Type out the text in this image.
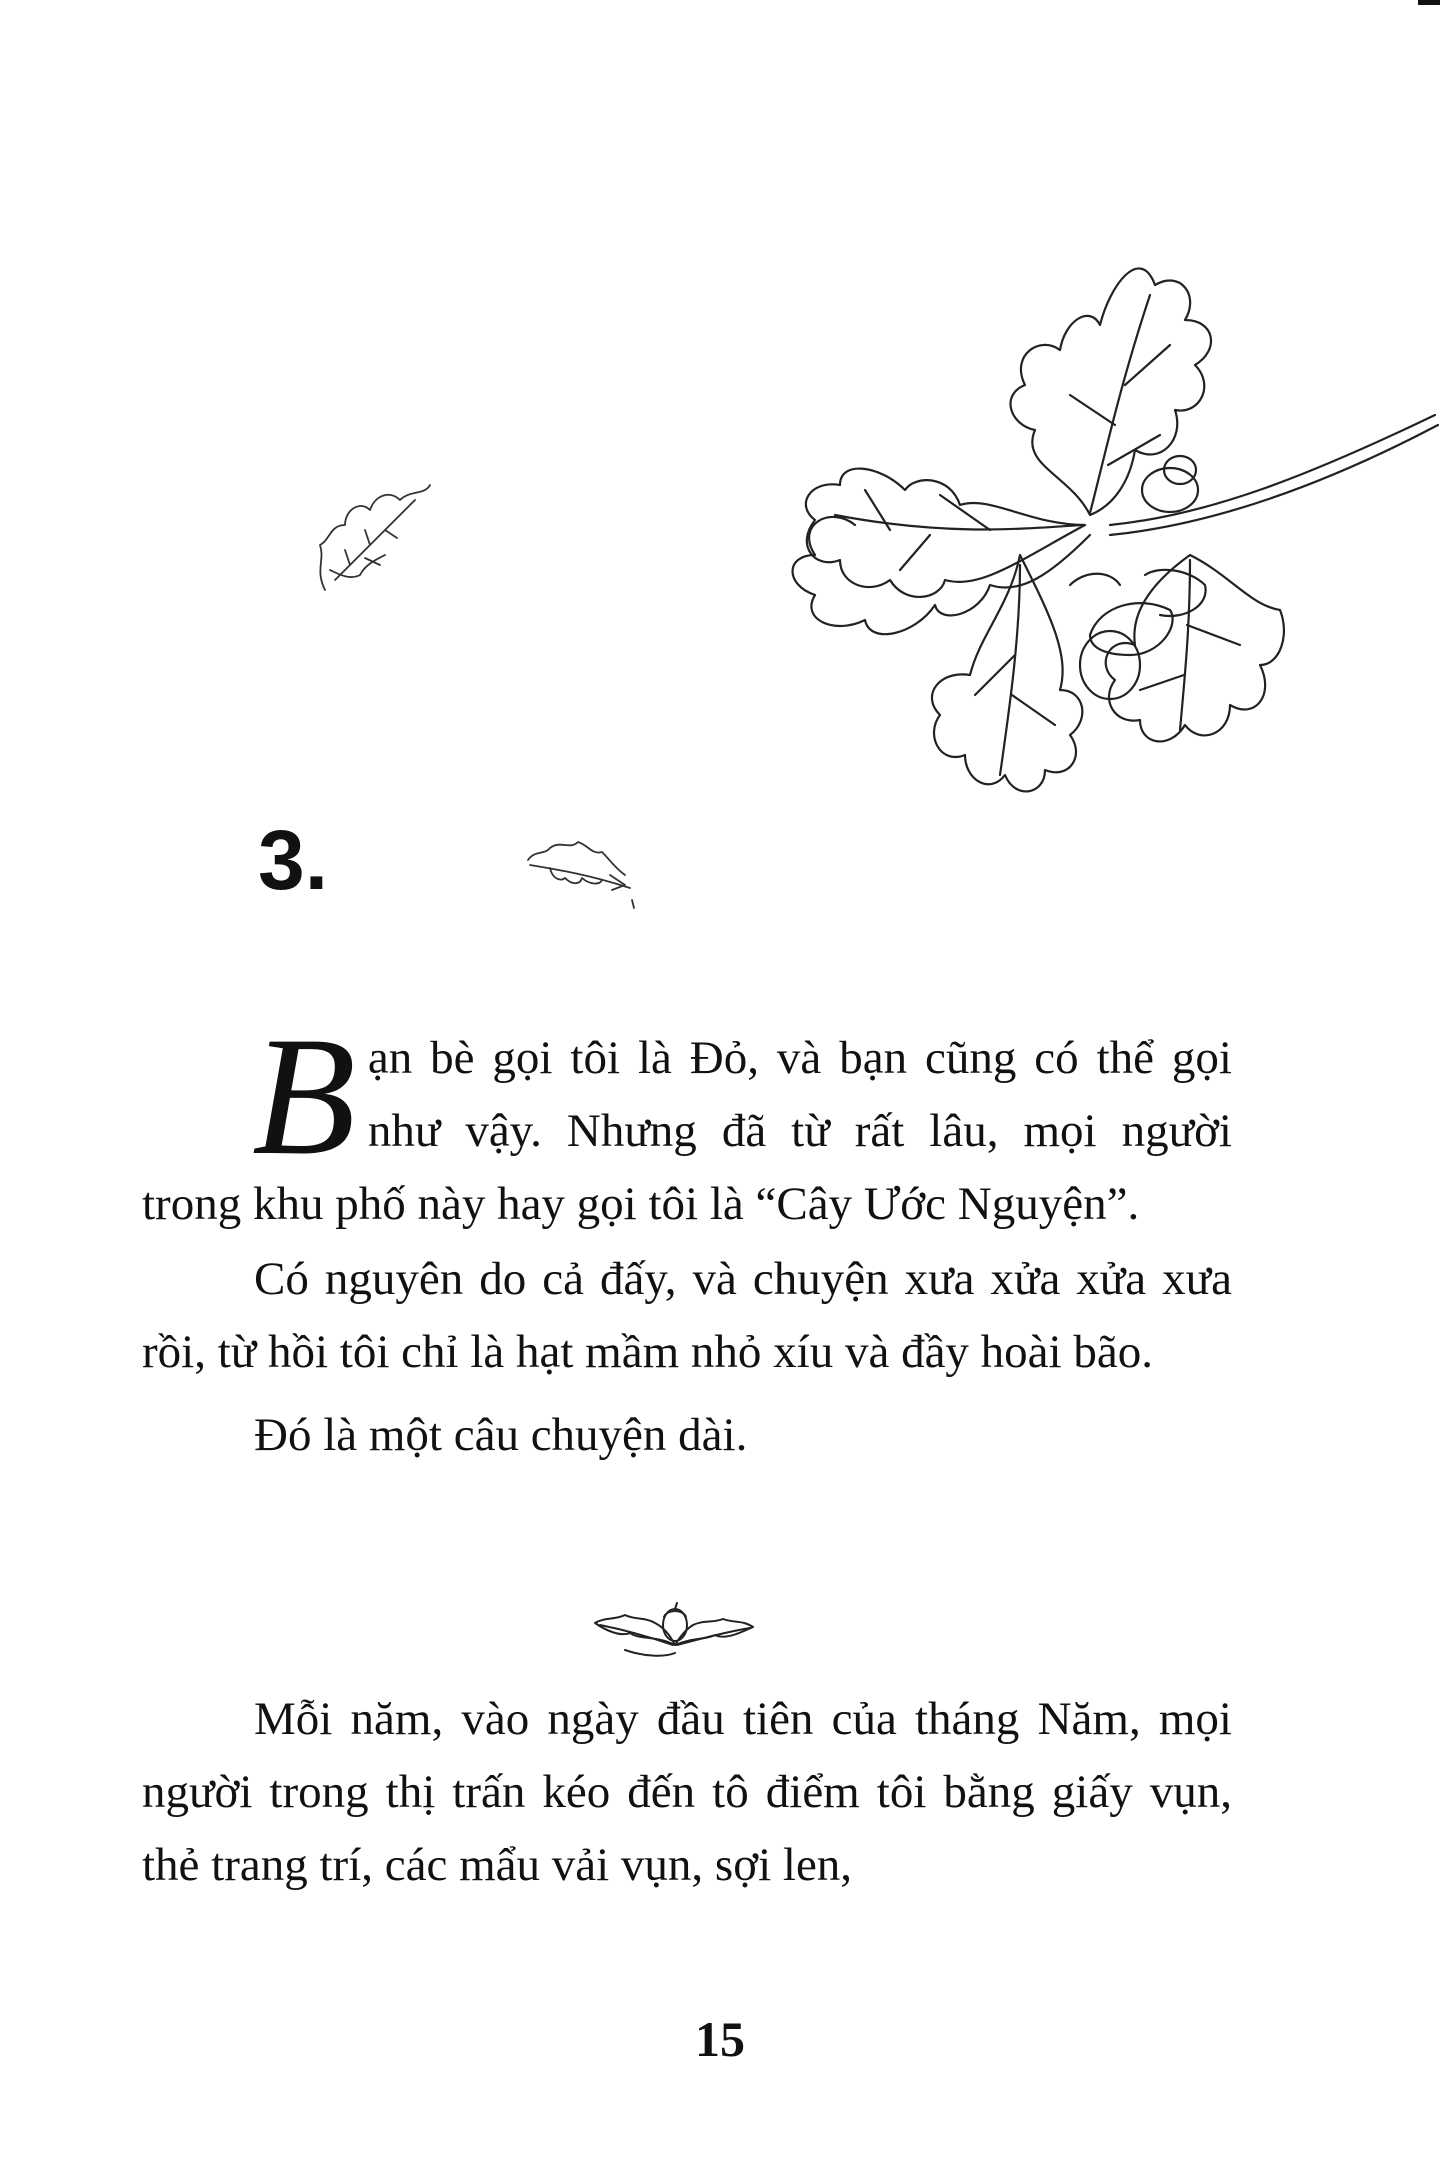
3.
B ạn bè gọi tôi là Đỏ, và bạn cũng có thể gọi như vậy. Nhưng đã từ rất lâu, mọi người trong khu phố này hay gọi tôi là “Cây Ước Nguyện”.

Có nguyên do cả đấy, và chuyện xưa xửa xửa xưa rồi, từ hồi tôi chỉ là hạt mầm nhỏ xíu và đầy hoài bão.

Đó là một câu chuyện dài.

Mỗi năm, vào ngày đầu tiên của tháng Năm, mọi người trong thị trấn kéo đến tô điểm tôi bằng giấy vụn, thẻ trang trí, các mẩu vải vụn, sợi len,

15
